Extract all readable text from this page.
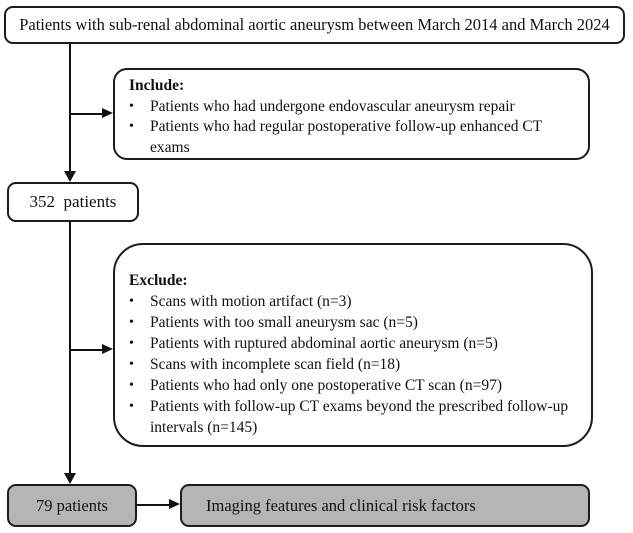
Patients with sub-renal abdominal aortic aneurysm between March 2014 and March 2024
Include:
•	Patients who had undergone endovascular aneurysm repair
•	Patients who had regular postoperative follow-up enhanced CT exams
352  patients
Exclude:
•	Scans with motion artifact (n=3)
•	Patients with too small aneurysm sac (n=5)
•	Patients with ruptured abdominal aortic aneurysm (n=5)
•	Scans with incomplete scan field (n=18)
•	Patients who had only one postoperative CT scan (n=97)
•	Patients with follow-up CT exams beyond the prescribed follow-up intervals (n=145)
79 patients	Imaging features and clinical risk factors
